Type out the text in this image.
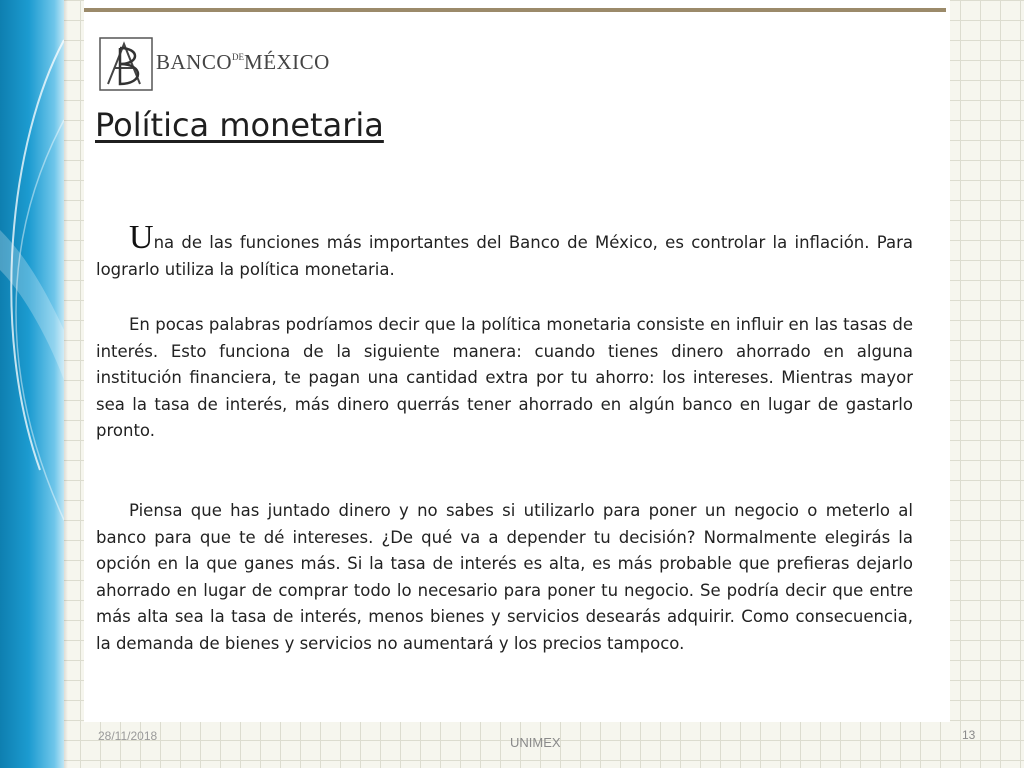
$BANCO^{DE}MÉXICO$
Política monetaria

Una de las funciones más importantes del Banco de México, es controlar la inflación. Para lograrlo utiliza la política monetaria.

En pocas palabras podríamos decir que la política monetaria consiste en influir en las tasas de interés. Esto funciona de la siguiente manera: cuando tienes dinero ahorrado en alguna institución financiera, te pagan una cantidad extra por tu ahorro: los intereses. Mientras mayor sea la tasa de interés, más dinero querrás tener ahorrado en algún banco en lugar de gastarlo pronto.

Piensa que has juntado dinero y no sabes si utilizarlo para poner un negocio o meterlo al banco para que te dé intereses. ¿De qué va a depender tu decisión? Normalmente elegirás la opción en la que ganes más. Si la tasa de interés es alta, es más probable que prefieras dejarlo ahorrado en lugar de comprar todo lo necesario para poner tu negocio. Se podría decir que entre más alta sea la tasa de interés, menos bienes y servicios desearás adquirir. Como consecuencia, la demanda de bienes y servicios no aumentará y los precios tampoco.

28/11/2018	UNIMEX	13
